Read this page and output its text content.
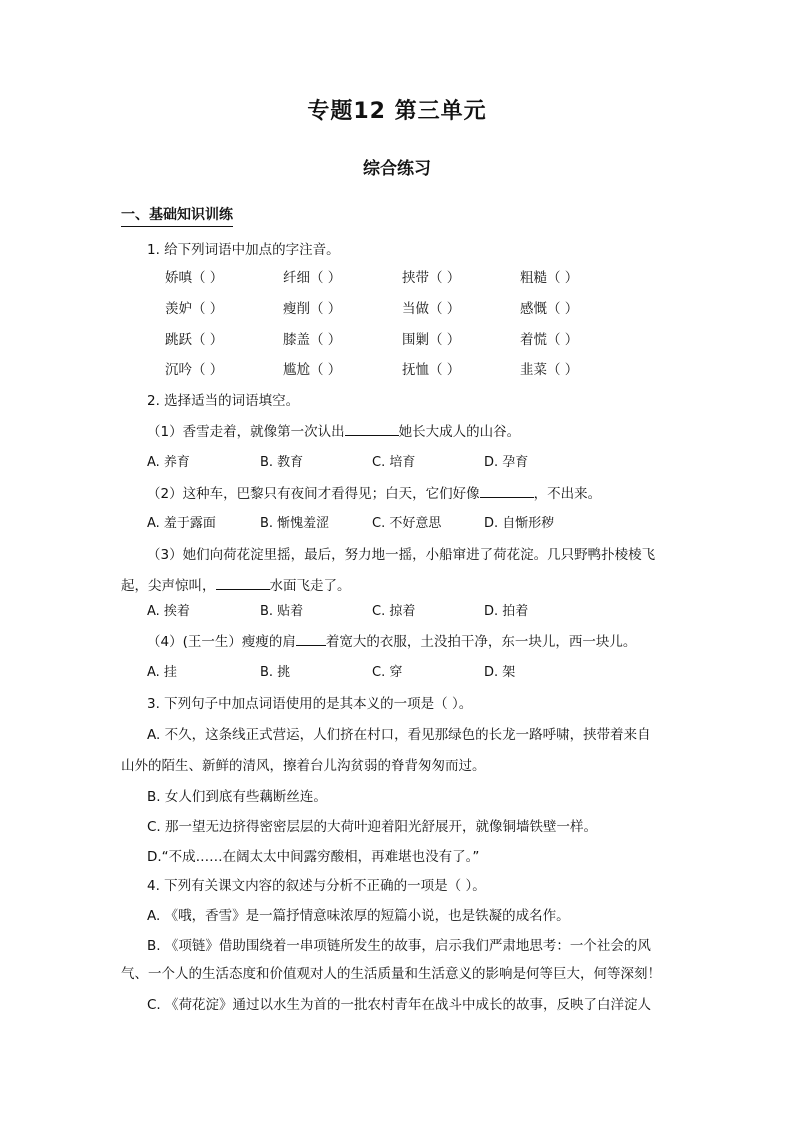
专题12 第三单元
综合练习
一、基础知识训练
1. 给下列词语中加点的字注音。
娇嗔（ ）	纤细（ ）	挟带（ ）	粗糙（ ）
羡妒（ ）	瘦削（ ）	当做（ ）	感慨（ ）
跳跃（ ）	膝盖（ ）	围剿（ ）	着慌（ ）
沉吟（ ）	尴尬（ ）	抚恤（ ）	韭菜（ ）
2. 选择适当的词语填空。
（1）香雪走着，就像第一次认出	她长大成人的山谷。
A. 养育	B. 教育	C. 培育	D. 孕育
（2）这种车，巴黎只有夜间才看得见；白天，它们好像	，不出来。
A. 羞于露面	B. 惭愧羞涩	C. 不好意思	D. 自惭形秽
（3）她们向荷花淀里摇，最后，努力地一摇，小船窜进了荷花淀。几只野鸭扑棱棱飞
起，尖声惊叫，	水面飞走了。
A. 挨着	B. 贴着	C. 掠着	D. 拍着
（4）(王一生）瘦瘦的肩 着宽大的衣服，土没拍干净，东一块儿，西一块儿。
A. 挂	B. 挑	C. 穿	D. 架
3. 下列句子中加点词语使用的是其本义的一项是（ ）。
A. 不久，这条线正式营运，人们挤在村口，看见那绿色的长龙一路呼啸，挟带着来自
山外的陌生、新鲜的清风，擦着台儿沟贫弱的脊背匆匆而过。
B. 女人们到底有些藕断丝连。
C. 那一望无边挤得密密层层的大荷叶迎着阳光舒展开，就像铜墙铁壁一样。
D.“不成……在阔太太中间露穷酸相，再难堪也没有了。”
4. 下列有关课文内容的叙述与分析不正确的一项是（ ）。
A. 《哦，香雪》是一篇抒情意味浓厚的短篇小说，也是铁凝的成名作。
B. 《项链》借助围绕着一串项链所发生的故事，启示我们严肃地思考：一个社会的风
气、一个人的生活态度和价值观对人的生活质量和生活意义的影响是何等巨大，何等深刻！
C. 《荷花淀》通过以水生为首的一批农村青年在战斗中成长的故事，反映了白洋淀人
